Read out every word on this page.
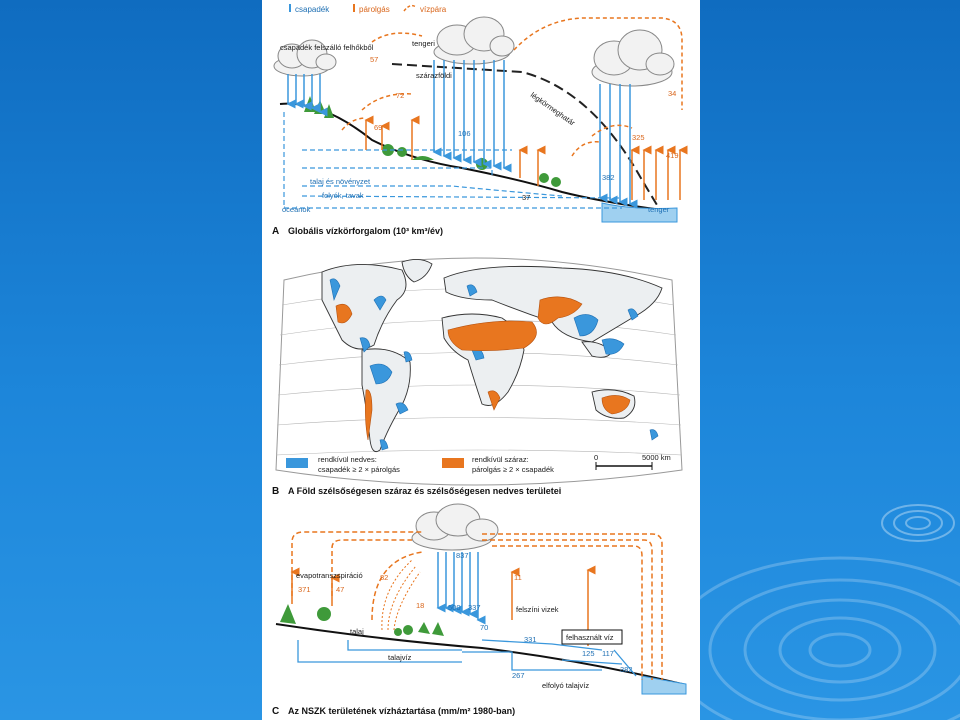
csapadék	párolgás	vízpára
csapadék felszálló felhőkből	tengeri
szárazföldi
légkörmeghatár
talaj és növényzet
folyók, tavak
óceánok	tenger
57
72
69
106
34
325
419
382
37
A Globális vízkörforgalom (10³ km³/év)
rendkívül nedves:
csapadék ≥ 2 × párolgás
rendkívül száraz:
párolgás ≥ 2 × csapadék
0	5000 km
B A Föld szélsőségesen száraz és szélsőségesen nedves területei
evapotranszspiráció
talaj
talajvíz
felszíni vizek
felhasznált víz
elfolyó talajvíz
837
371	47
82
18
11
500 337
70
331
125 117
267
382
C Az NSZK területének vízháztartása (mm/m² 1980-ban)
